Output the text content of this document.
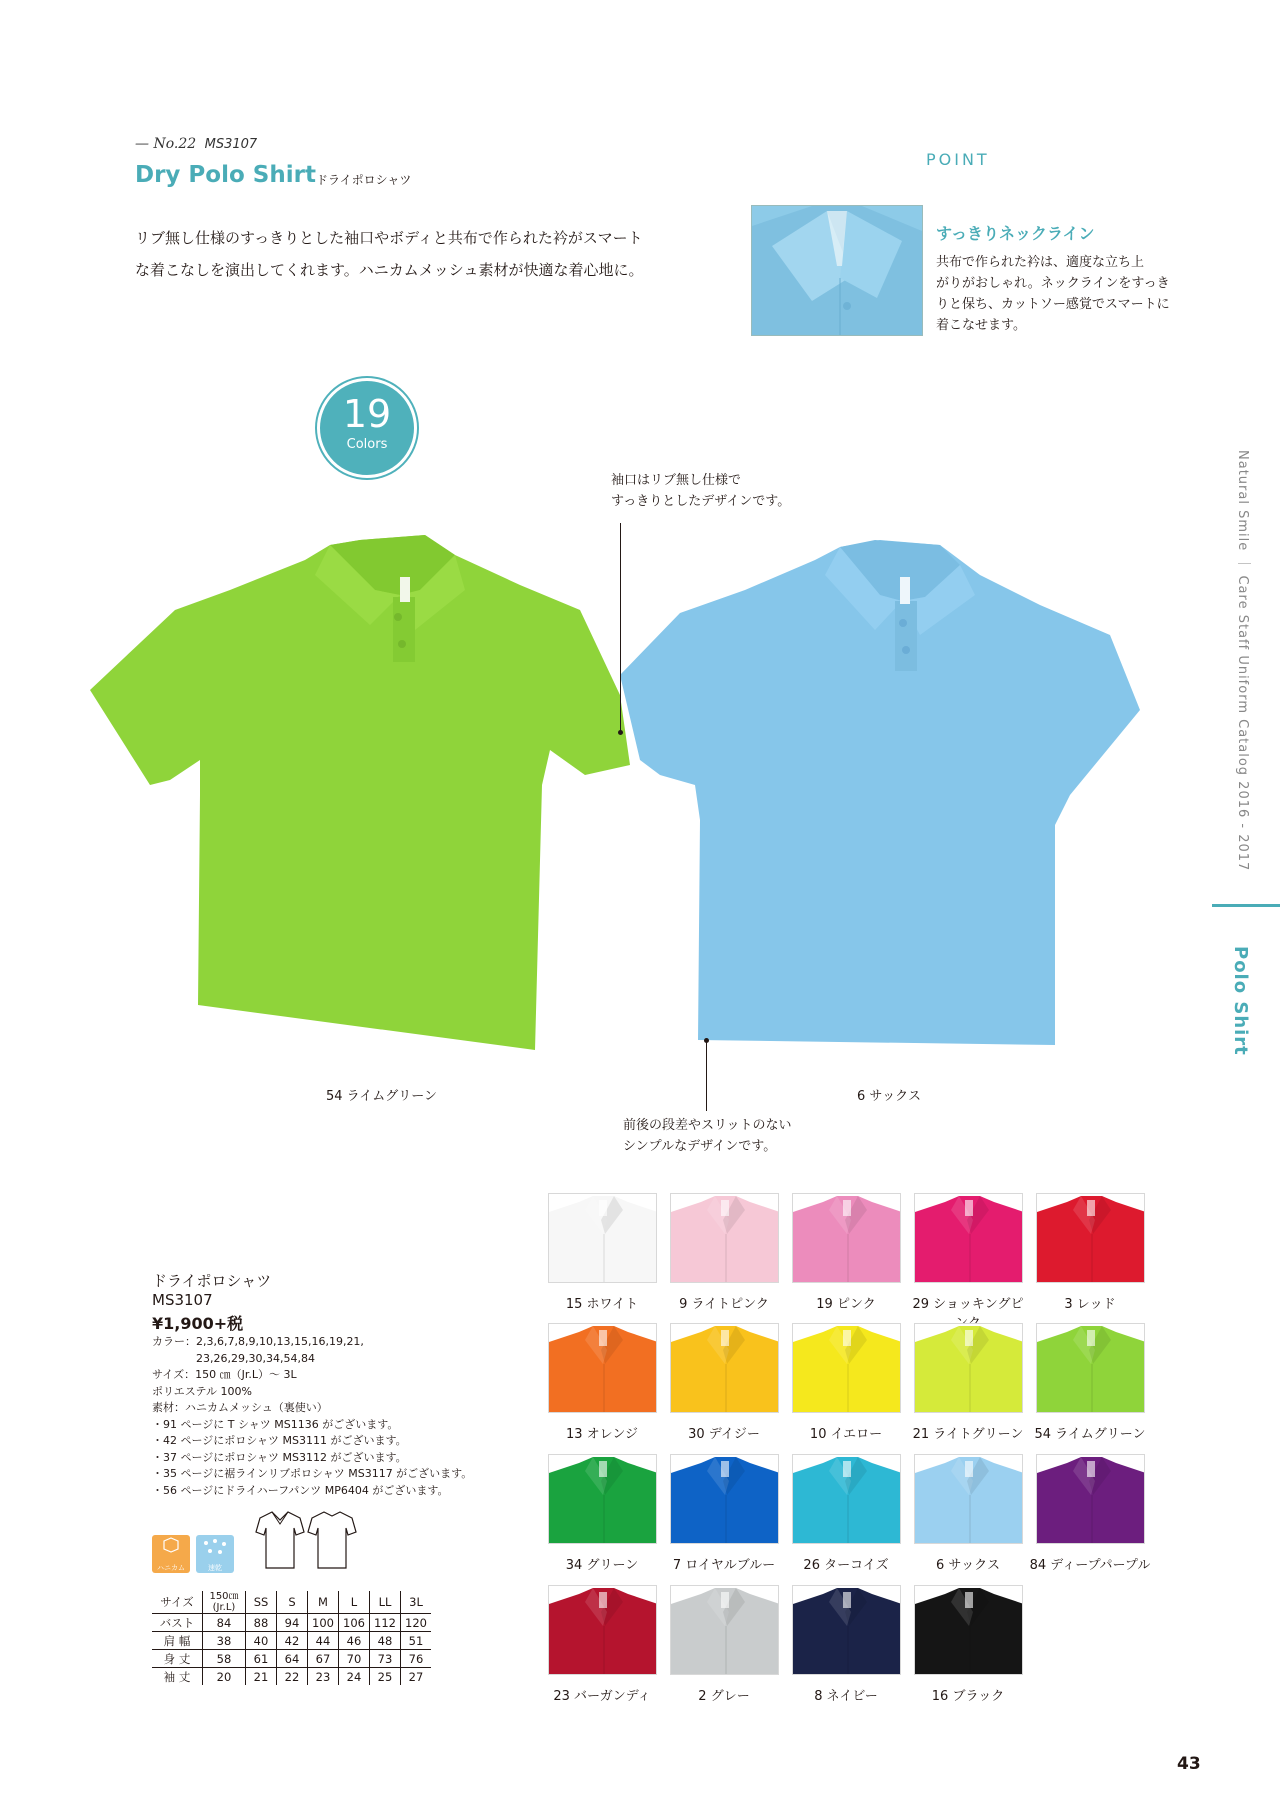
— No.22 MS3107
Dry Polo Shirt ドライポロシャツ
リブ無し仕様のすっきりとした袖口やボディと共布で作られた衿がスマート
な着こなしを演出してくれます。ハニカムメッシュ素材が快適な着心地に。
POINT
すっきりネックライン
共布で作られた衿は、適度な立ち上
がりがおしゃれ。ネックラインをすっき
りと保ち、カットソー感覚でスマートに
着こなせます。
19
Colors
袖口はリブ無し仕様で
すっきりとしたデザインです。
前後の段差やスリットのない
シンプルなデザインです。
54 ライムグリーン	6 サックス
Natural Smile ｜ Care Staff Uniform Catalog 2016 - 2017
Polo Shirt
ドライポロシャツ
MS3107
¥1,900+税
カラー：2,3,6,7,8,9,10,13,15,16,19,21,
　　　　23,26,29,30,34,54,84
サイズ：150 ㎝（Jr.L）～ 3L
ポリエステル 100%
素材：ハニカムメッシュ（裏使い）
・91 ページに T シャツ MS1136 がございます。
・42 ページにポロシャツ MS3111 がございます。
・37 ページにポロシャツ MS3112 がございます。
・35 ページに裾ラインリブポロシャツ MS3117 がございます。
・56 ページにドライハーフパンツ MP6404 がございます。
ハニカム	速乾
サイズ	150㎝(Jr.L)	SS	S	M	L	LL	3L
バスト	84	88	94	100	106	112	120
肩 幅	38	40	42	44	46	48	51
身 丈	58	61	64	67	70	73	76
袖 丈	20	21	22	23	24	25	27
15 ホワイト	9 ライトピンク	19 ピンク	29 ショッキングピ	3 レッド
13 オレンジ	30 デイジー	10 イエロー	21 ライトグリーン 54 ライムグリーン
34 グリーン	7 ロイヤルブルー	26 ターコイズ	6 サックス	84 ディープパープル
23 バーガンディ	2 グレー	8 ネイビー	16 ブラック
43
